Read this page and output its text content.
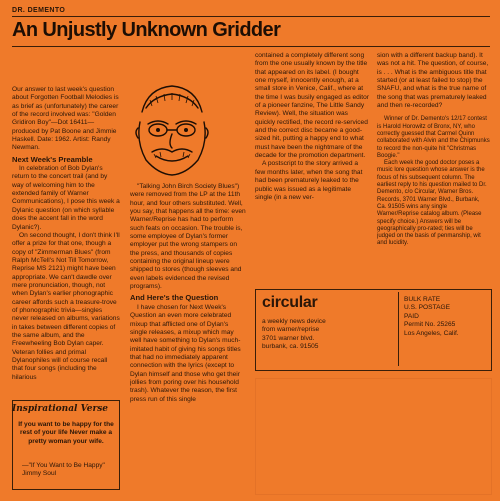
DR. DEMENTO
An Unjustly Unknown Gridder

Our answer to last week's question about Forgotten Football Melodies is as brief as (unfortunately) the career of the record involved was: "Golden Gridiron Boy"—Dot 16411—produced by Pat Boone and Jimmie Haskell. Date: 1962. Artist: Randy Newman.

Next Week's Preamble

In celebration of Bob Dylan's return to the concert trail (and by way of welcoming him to the extended family of Warner Communications), I pose this week a Dylanic question (on which syllable does the accent fall in the word Dylanic?).

On second thought, I don't think I'll offer a prize for that one, though a copy of "Zimmerman Blues" (from Ralph McTell's Not Till Tomorrow, Reprise MS 2121) might have been appropriate. We can't dawdle over mere pronunciation, though, not when Dylan's earlier phonographic career affords such a treasure-trove of phonographic trivia—singles never released on albums, variations in takes between different copies of the same album, and the Freewheeling Bob Dylan caper. Veteran follies and primal Dylanophiles will of course recall that four songs (including the hilarious

Inspirational Verse
If you want to be happy for the rest of your life Never make a pretty woman your wife.
—"If You Want to Be Happy" Jimmy Soul

"Talking John Birch Society Blues") were removed from the LP at the 11th hour, and four others substituted. Well, you say, that happens all the time: even Warner/Reprise has had to perform such feats on occasion. The trouble is, some employee of Dylan's former employer put the wrong stampers on the press, and thousands of copies containing the original lineup were shipped to stores (though sleeves and even labels evidenced the revised programs).

And Here's the Question

I have chosen for Next Week's Question an even more celebrated mixup that afflicted one of Dylan's single releases, a mixup which may well have something to Dylan's much-imitated habit of giving his songs titles that had no immediately apparent connection with the lyrics (except to Dylan himself and those who get their jollies from poring over his household trash). Whatever the reason, the first press run of this single

contained a completely different song from the one usually known by the title that appeared on its label. (I bought one myself, innocently enough, at a small store in Venice, Calif., where at the time I was busily engaged as editor of a pioneer fanzine, The Little Sandy Review). Well, the situation was quickly rectified, the record re-serviced and the correct disc became a good-sized hit, putting a happy end to what must have been the nightmare of the decade for the promotion department.

A postscript to the story arrived a few months later, when the song that had been prematurely leaked to the public was issued as a legitimate single (in a new ver-

sion with a different backup band). It was not a hit. The question, of course, is . . . What is the ambiguous title that started (or at least failed to stop) the SNAFU, and what is the true name of the song that was prematurely leaked and then re-recorded?

Winner of Dr. Demento's 12/17 contest is Harold Horowitz of Bronx, NY, who correctly guessed that Carmel Quinn collaborated with Alvin and the Chipmunks to record the non-quite hit "Christmas Boogie."

Each week the good doctor poses a music lore question whose answer is the focus of his subsequent column. The earliest reply to his question mailed to Dr. Demento, c/o Circular, Warner Bros. Records, 3701 Warner Blvd., Burbank, Ca. 91505 wins any single Warner/Reprise catalog album. (Please specify choice.) Answers will be geographically pro-rated; ties will be judged on the basis of penmanship, wit and lucidity.

circular
a weekly news device
from warner/reprise
3701 warner blvd.
burbank, ca. 91505
BULK RATE
U.S. POSTAGE
PAID
Permit No. 25265
Los Angeles, Calif.
